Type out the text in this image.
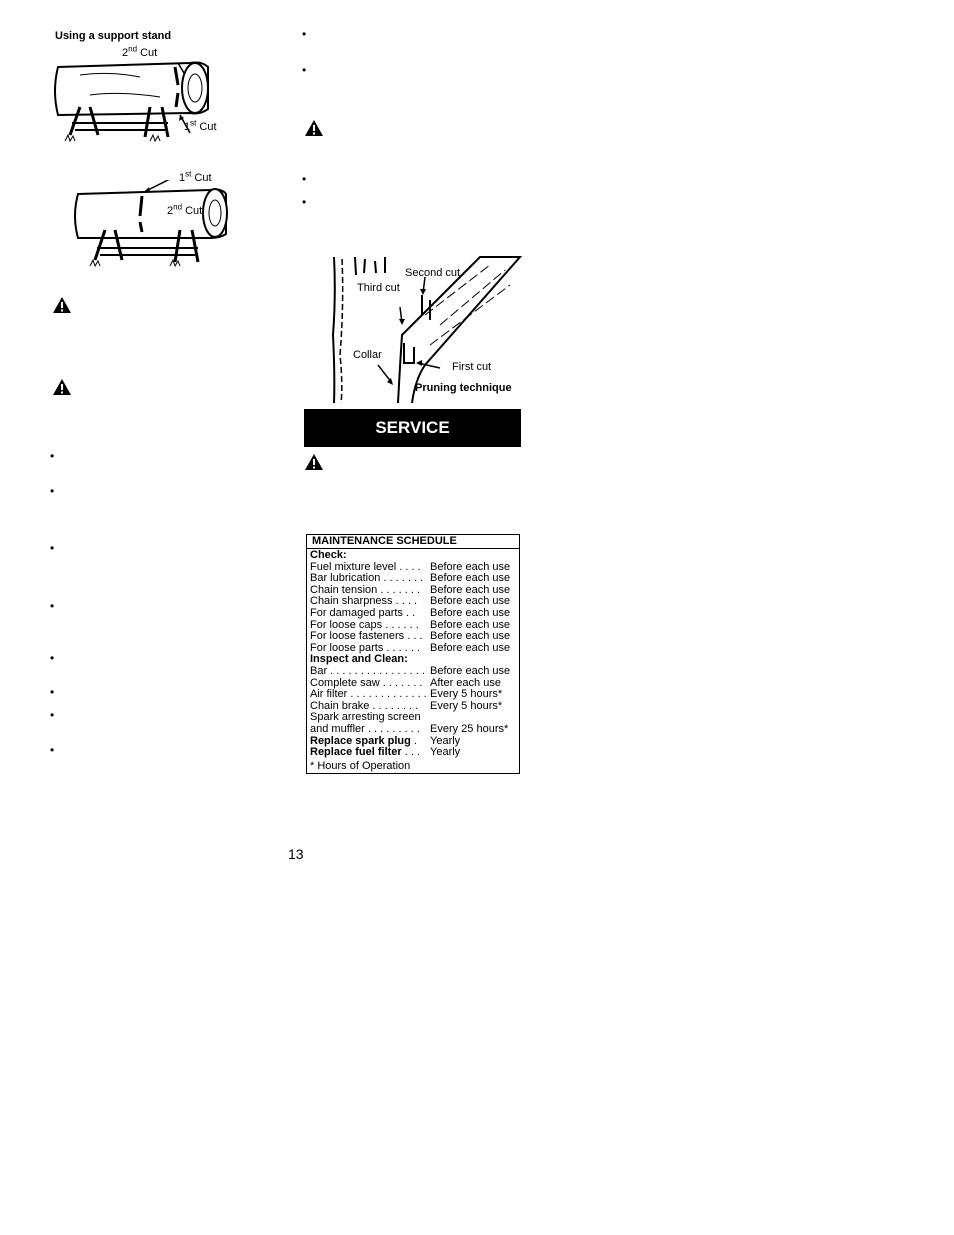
Using a support stand
2nd Cut
1st Cut
1st Cut
2nd Cut
•
•
•
•
•
•
•
•
•
•
•
•
Second cut
Third cut
Collar
First cut
Pruning technique
SERVICE
MAINTENANCE SCHEDULE
Check:
Fuel mixture level . . . . Before each use
Bar lubrication . . . . . . . Before each use
Chain tension . . . . . . . Before each use
Chain sharpness . . . .	Before each use
For damaged parts . .	Before each use
For loose caps . . . . . .	Before each use
For loose fasteners . . . Before each use
For loose parts . . . . . . Before each use
Inspect and Clean:
Bar . . . . . . . . . . . . . . . . Before each use
Complete saw . . . . . . . After each use
Air filter . . . . . . . . . . . . . Every 5 hours*
Chain brake . . . . . . . .	Every 5 hours*
Spark arresting screen
and muffler . . . . . . . . . Every 25 hours*
Replace spark plug .	Yearly
Replace fuel filter . . . Yearly
* Hours of Operation
13
